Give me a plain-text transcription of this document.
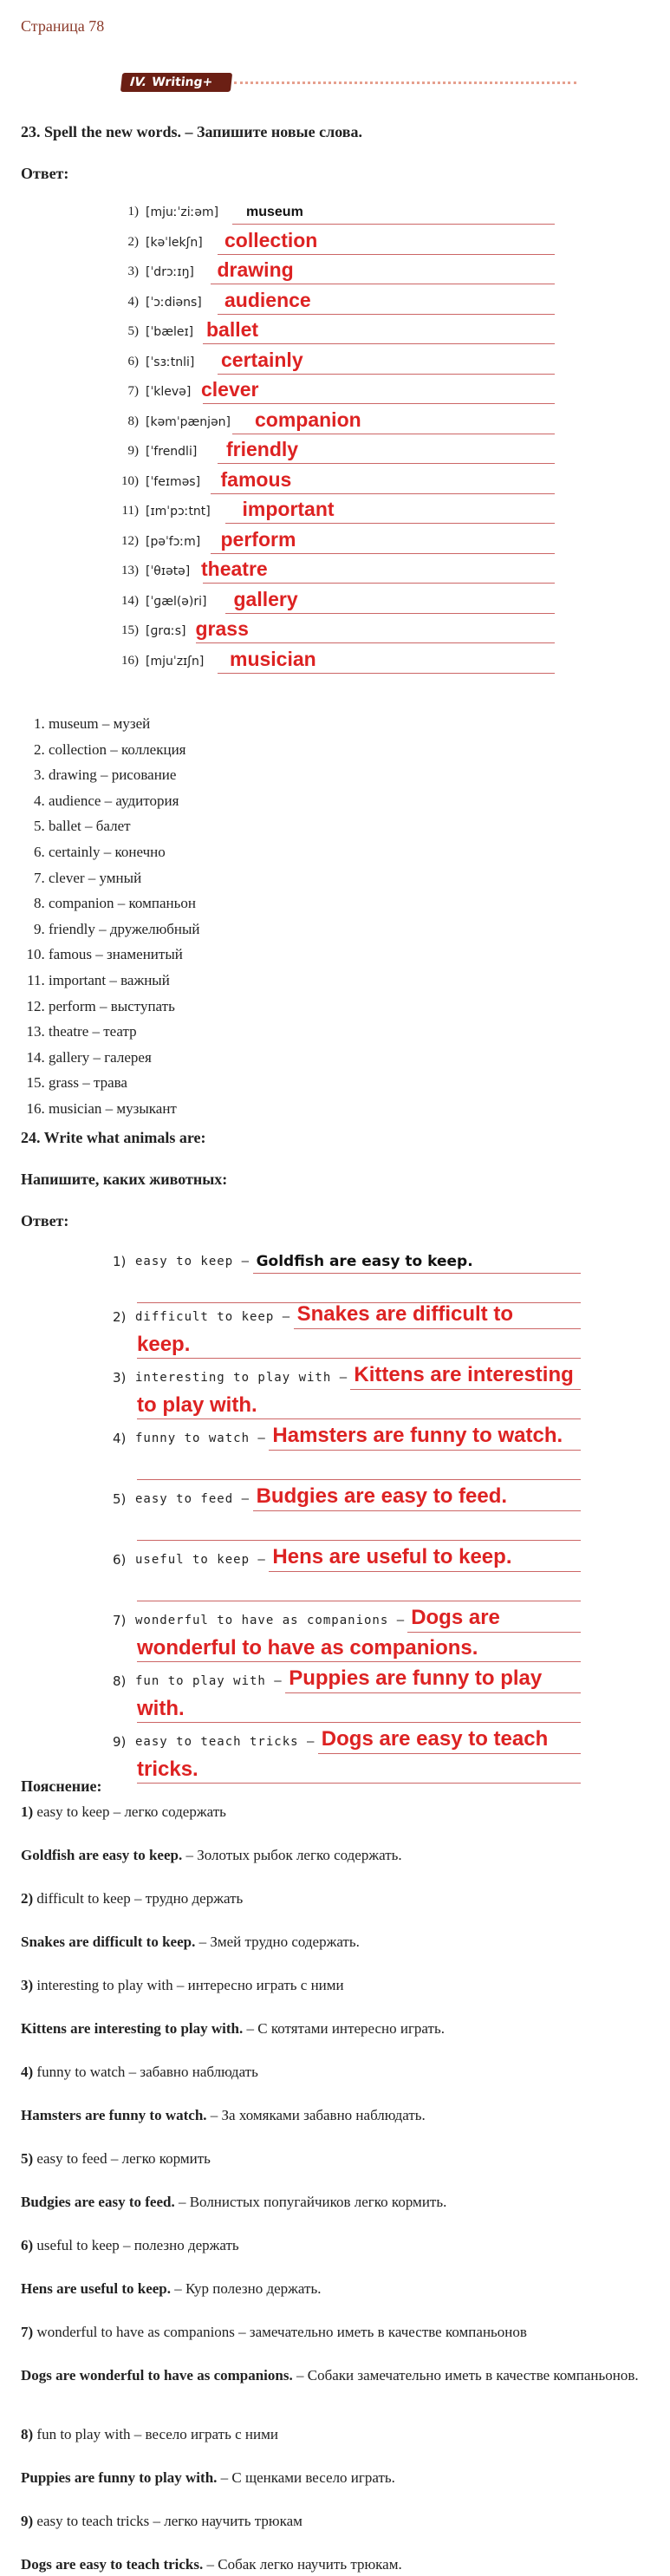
Страница 78
IV. Writing+
23. Spell the new words. – Запишите новые слова.
Ответ:
1) [mjuːˈziːəm] museum
2) [kəˈlekʃn] collection
3) [ˈdrɔːɪŋ] drawing
4) [ˈɔːdiəns] audience
5) [ˈbæleɪ] ballet
6) [ˈsɜːtnli] certainly
7) [ˈklevə] clever
8) [kəmˈpænjən] companion
9) [ˈfrendli] friendly
10) [ˈfeɪməs] famous
11) [ɪmˈpɔːtnt] important
12) [pəˈfɔːm] perform
13) [ˈθɪətə] theatre
14) [ˈɡæl(ə)ri] gallery
15) [ɡrɑːs] grass
16) [mjuˈzɪʃn] musician
1. museum – музей
2. collection – коллекция
3. drawing – рисование
4. audience – аудитория
5. ballet – балет
6. certainly – конечно
7. clever – умный
8. companion – компаньон
9. friendly – дружелюбный
10. famous – знаменитый
11. important – важный
12. perform – выступать
13. theatre – театр
14. gallery – галерея
15. grass – трава
16. musician – музыкант
24. Write what animals are:
Напишите, каких животных:
Ответ:
1) easy to keep — Goldfish are easy to keep.
2) difficult to keep — Snakes are difficult to
keep.
3) interesting to play with — Kittens are interesting
to play with.
4) funny to watch — Hamsters are funny to watch.
5) easy to feed — Budgies are easy to feed.
6) useful to keep — Hens are useful to keep.
7) wonderful to have as companions — Dogs are
wonderful to have as companions.
8) fun to play with — Puppies are funny to play
with.
9) easy to teach tricks — Dogs are easy to teach
tricks.
Пояснение:

1) easy to keep – легко содержать

Goldfish are easy to keep. – Золотых рыбок легко содержать.

2) difficult to keep – трудно держать

Snakes are difficult to keep. – Змей трудно содержать.

3) interesting to play with – интересно играть с ними

Kittens are interesting to play with. – С котятами интересно играть.

4) funny to watch – забавно наблюдать

Hamsters are funny to watch. – За хомяками забавно наблюдать.

5) easy to feed – легко кормить

Budgies are easy to feed. – Волнистых попугайчиков легко кормить.

6) useful to keep – полезно держать

Hens are useful to keep. – Кур полезно держать.

7) wonderful to have as companions – замечательно иметь в качестве компаньонов

Dogs are wonderful to have as companions. – Собаки замечательно иметь в качестве компаньонов.

8) fun to play with – весело играть с ними

Puppies are funny to play with. – С щенками весело играть.

9) easy to teach tricks – легко научить трюкам

Dogs are easy to teach tricks. – Собак легко научить трюкам.
